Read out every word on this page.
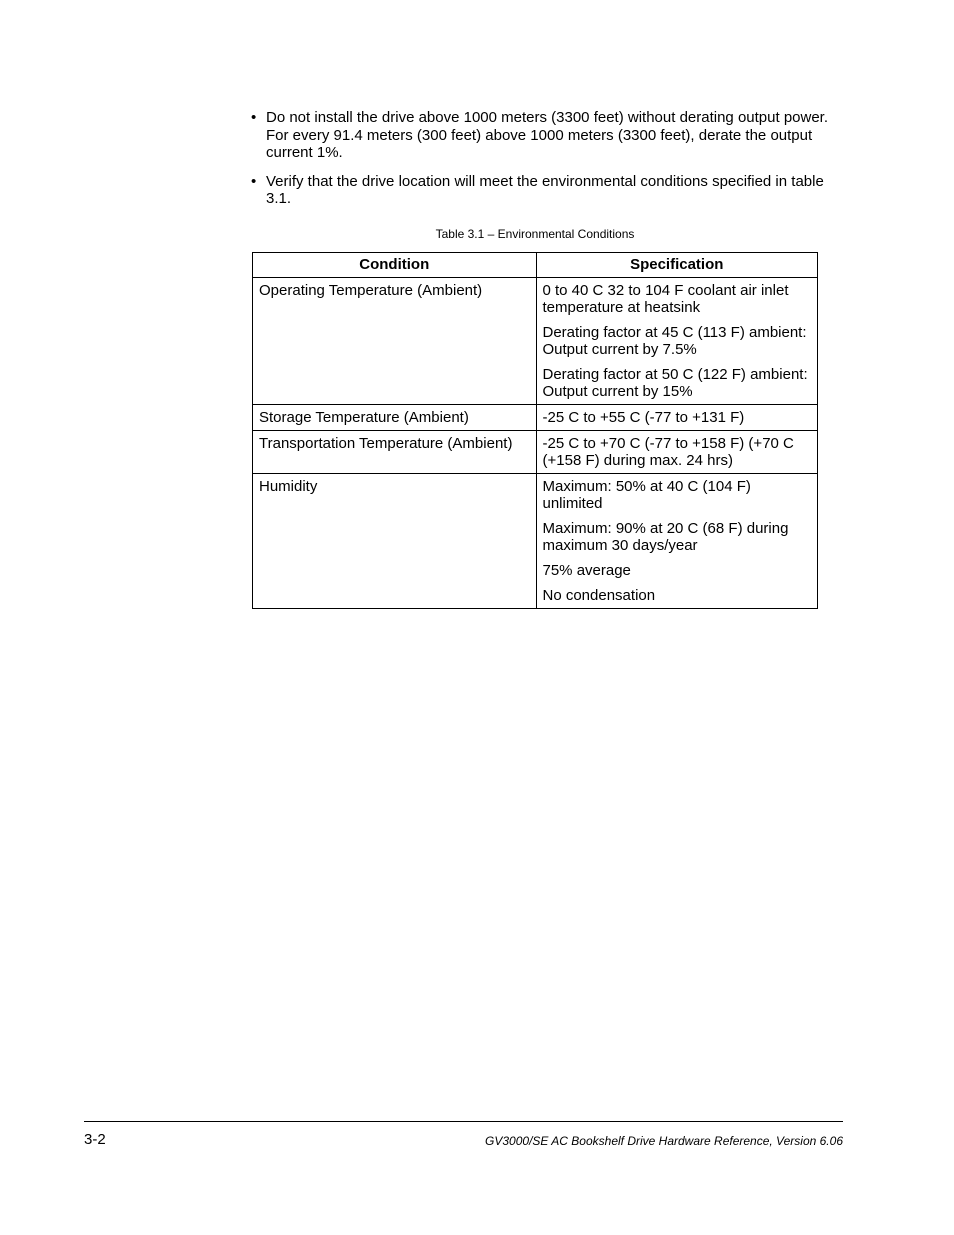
• Do not install the drive above 1000 meters (3300 feet) without derating output power. For every 91.4 meters (300 feet) above 1000 meters (3300 feet), derate the output current 1%.
• Verify that the drive location will meet the environmental conditions specified in table 3.1.
Table 3.1 – Environmental Conditions
Condition	Specification
Operating Temperature (Ambient)	0 to 40 C 32 to 104 F coolant air inlet temperature at heatsink

Derating factor at 45 C (113 F) ambient: Output current by 7.5%

Derating factor at 50 C (122 F) ambient: Output current by 15%

Storage Temperature (Ambient)	-25 C to +55 C (-77 to +131 F)

Transportation Temperature (Ambient)	-25 C to +70 C (-77 to +158 F) (+70 C (+158 F) during max. 24 hrs)

Humidity	Maximum: 50% at 40 C (104 F) unlimited

Maximum: 90% at 20 C (68 F) during maximum 30 days/year

75% average

No condensation

3-2	GV3000/SE AC Bookshelf Drive Hardware Reference, Version 6.06
